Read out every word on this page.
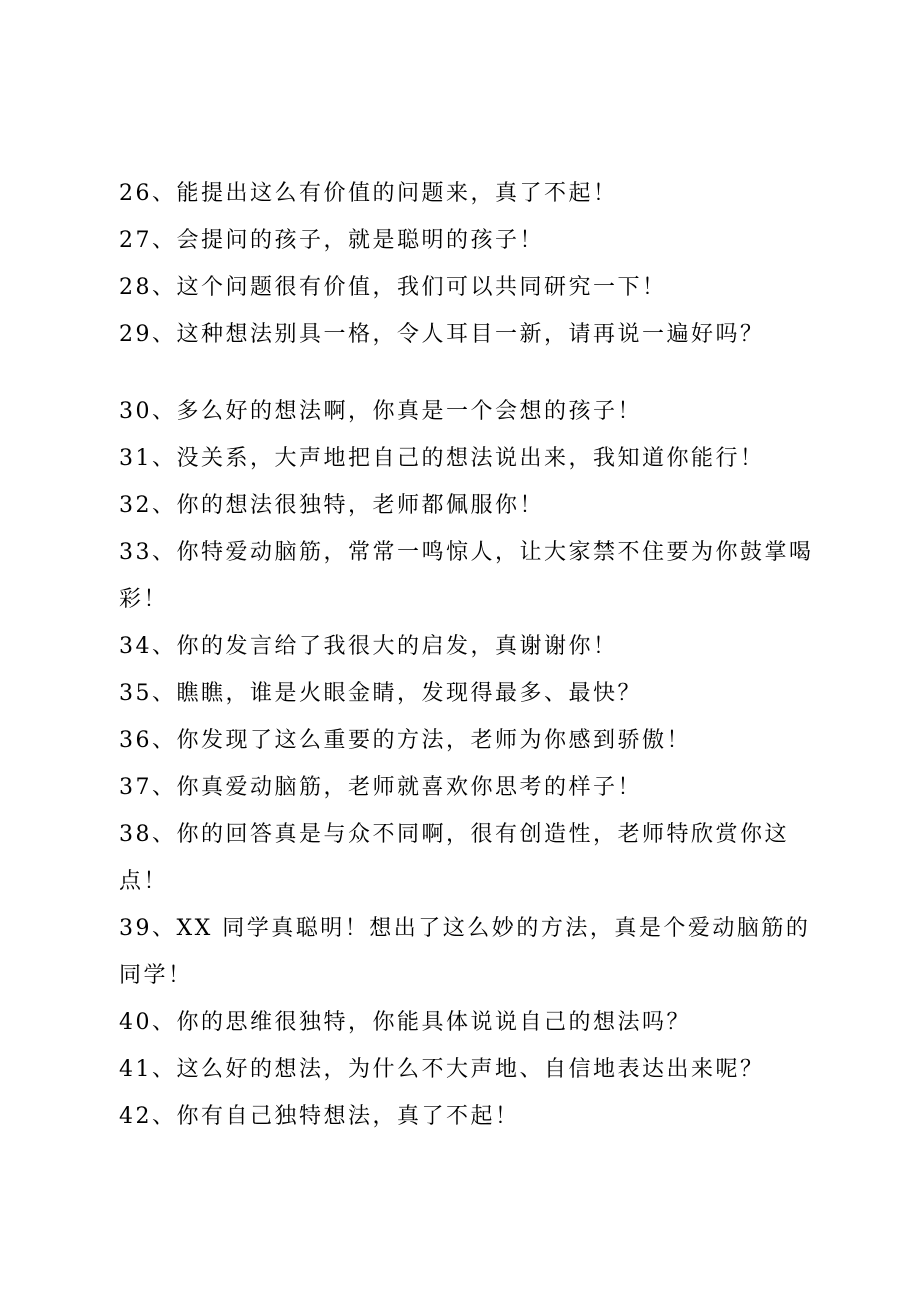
26、能提出这么有价值的问题来，真了不起！
27、会提问的孩子，就是聪明的孩子！
28、这个问题很有价值，我们可以共同研究一下！
29、这种想法别具一格，令人耳目一新，请再说一遍好吗？
30、多么好的想法啊，你真是一个会想的孩子！
31、没关系，大声地把自己的想法说出来，我知道你能行！
32、你的想法很独特，老师都佩服你！
33、你特爱动脑筋，常常一鸣惊人，让大家禁不住要为你鼓掌喝
彩！
34、你的发言给了我很大的启发，真谢谢你！
35、瞧瞧，谁是火眼金睛，发现得最多、最快？
36、你发现了这么重要的方法，老师为你感到骄傲！
37、你真爱动脑筋，老师就喜欢你思考的样子！
38、你的回答真是与众不同啊，很有创造性，老师特欣赏你这
点！
39、XX 同学真聪明！想出了这么妙的方法，真是个爱动脑筋的
同学！
40、你的思维很独特，你能具体说说自己的想法吗？
41、这么好的想法，为什么不大声地、自信地表达出来呢？
42、你有自己独特想法，真了不起！
